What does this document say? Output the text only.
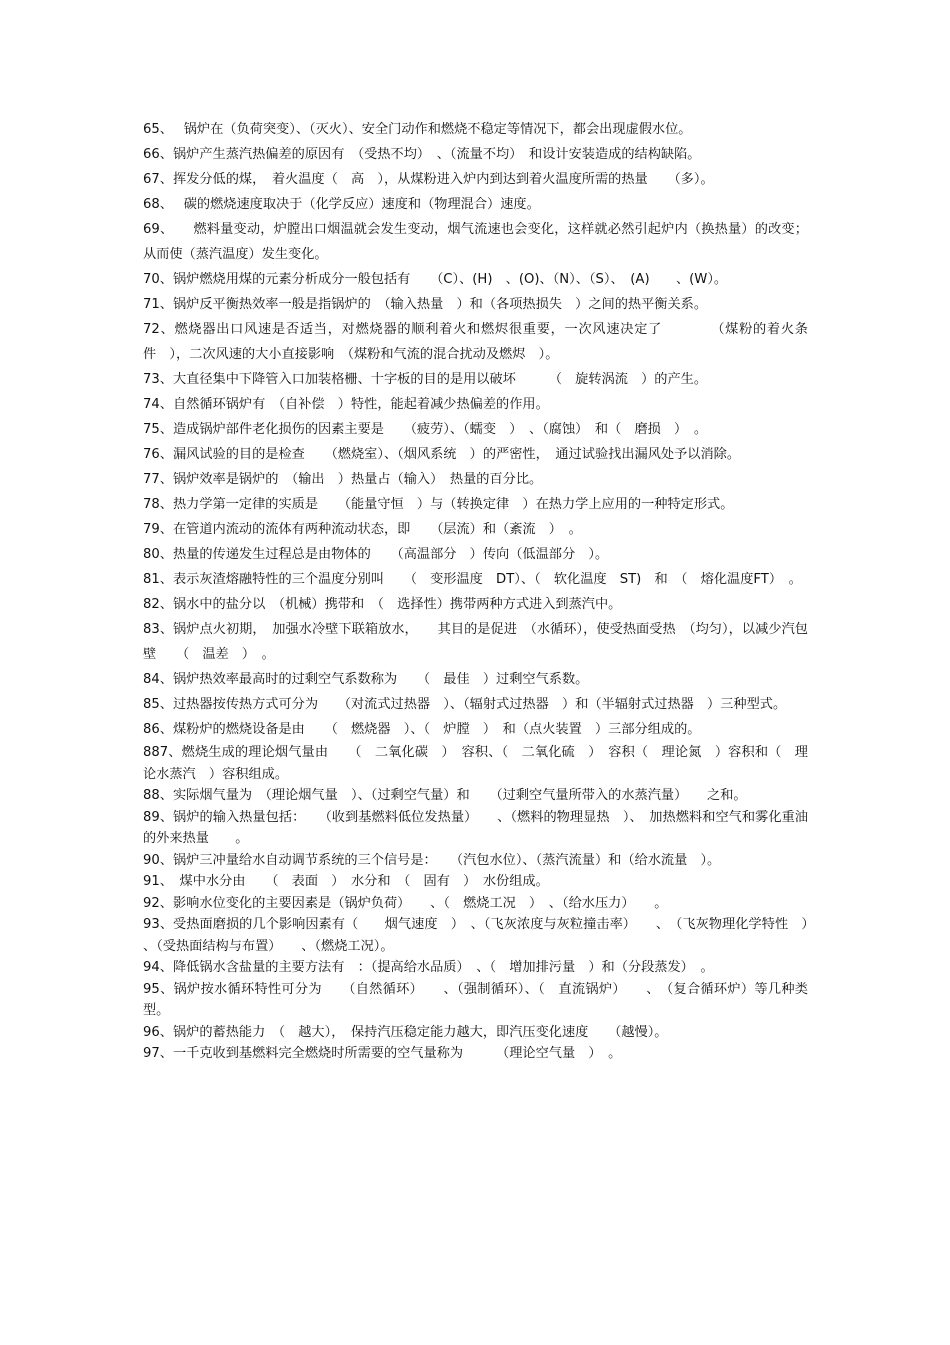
65、　 锅炉在（负荷突变）、（灭火）、安全门动作和燃烧不稳定等情况下，都会出现虚假水位。
66、锅炉产生蒸汽热偏差的原因有　（受热不均）　、（流量不均）　和设计安装造成的结构缺陷。
67、挥发分低的煤，　着火温度（　高　），从煤粉进入炉内到达到着火温度所需的热量　　（多）。
68、　 碳的燃烧速度取决于（化学反应）速度和（物理混合）速度。
69、　　燃料量变动，炉膛出口烟温就会发生变动，烟气流速也会变化，这样就必然引起炉内（换热量）的改变；从而使（蒸汽温度）发生变化。
70、锅炉燃烧用煤的元素分析成分一般包括有　　（C）、(H)　、(O)、（N）、（S）、　(A)　　、(W）。
71、锅炉反平衡热效率一般是指锅炉的　（输入热量　）和（各项热损失　）之间的热平衡关系。
72、燃烧器出口风速是否适当，对燃烧器的顺利着火和燃烬很重要，一次风速决定了　　　　（煤粉的着火条件　），二次风速的大小直接影响　（煤粉和气流的混合扰动及燃烬　）。
73、大直径集中下降管入口加装格栅、十字板的目的是用以破坏　　　（　旋转涡流　）的产生。
74、自然循环锅炉有　（自补偿　）特性，能起着减少热偏差的作用。
75、造成锅炉部件老化损伤的因素主要是　　（疲劳）、（蠕变　）　、（腐蚀）　和（　磨损　）　。
76、漏风试验的目的是检查　　（燃烧室）、（烟风系统　）的严密性，　通过试验找出漏风处予以消除。
77、锅炉效率是锅炉的　（输出　）热量占（输入）　热量的百分比。
78、热力学第一定律的实质是　　（能量守恒　）与（转换定律　）在热力学上应用的一种特定形式。
79、在管道内流动的流体有两种流动状态，即　　（层流）和（紊流　）　。
80、热量的传递发生过程总是由物体的　　（高温部分　）传向（低温部分　）。
81、表示灰渣熔融特性的三个温度分别叫　　（　变形温度　DT）、（　软化温度　ST)　和　（　熔化温度FT）　。
82、锅水中的盐分以　（机械）携带和　（　选择性）携带两种方式进入到蒸汽中。
83、锅炉点火初期，　加强水冷壁下联箱放水，　　其目的是促进　（水循环），使受热面受热　（均匀），以减少汽包壁　　（　温差　）　。
84、锅炉热效率最高时的过剩空气系数称为　　（　最佳　）过剩空气系数。
85、过热器按传热方式可分为　　（对流式过热器　）、（辐射式过热器　）和（半辐射式过热器　）三种型式。
86、煤粉炉的燃烧设备是由　　（　燃烧器　）、（　炉膛　）　和（点火装置　）三部分组成的。
887、燃烧生成的理论烟气量由　　（　二氧化碳　）　容积、（　二氧化硫　）　容积（　理论氮　）容积和（　理论水蒸汽　）容积组成。
88、实际烟气量为　（理论烟气量　）、（过剩空气量）和　　（过剩空气量所带入的水蒸汽量）　　之和。
89、锅炉的输入热量包括：　　（收到基燃料低位发热量）　　、（燃料的物理显热　）、　加热燃料和空气和雾化重油的外来热量　　。
90、锅炉三冲量给水自动调节系统的三个信号是：　　（汽包水位）、（蒸汽流量）和（给水流量　）。
91、　煤中水分由　　（　表面　）　水分和　（　固有　）　水份组成。
92、影响水位变化的主要因素是（锅炉负荷）　　、（　燃烧工况　）　、（给水压力）　　。
93、受热面磨损的几个影响因素有（　　烟气速度　）　、（飞灰浓度与灰粒撞击率）　　、　（飞灰物理化学特性　）　、（受热面结构与布置）　　、（燃烧工况）。
94、降低锅水含盐量的主要方法有　：（提高给水品质）　、（　增加排污量　）和（分段蒸发）　。
95、锅炉按水循环特性可分为　　（自然循环）　　、（强制循环）、（　直流锅炉）　　、　（复合循环炉）等几种类型。
96、锅炉的蓄热能力　（　越大），　保持汽压稳定能力越大，即汽压变化速度　　（越慢）。
97、一千克收到基燃料完全燃烧时所需要的空气量称为　　　（理论空气量　）　。
